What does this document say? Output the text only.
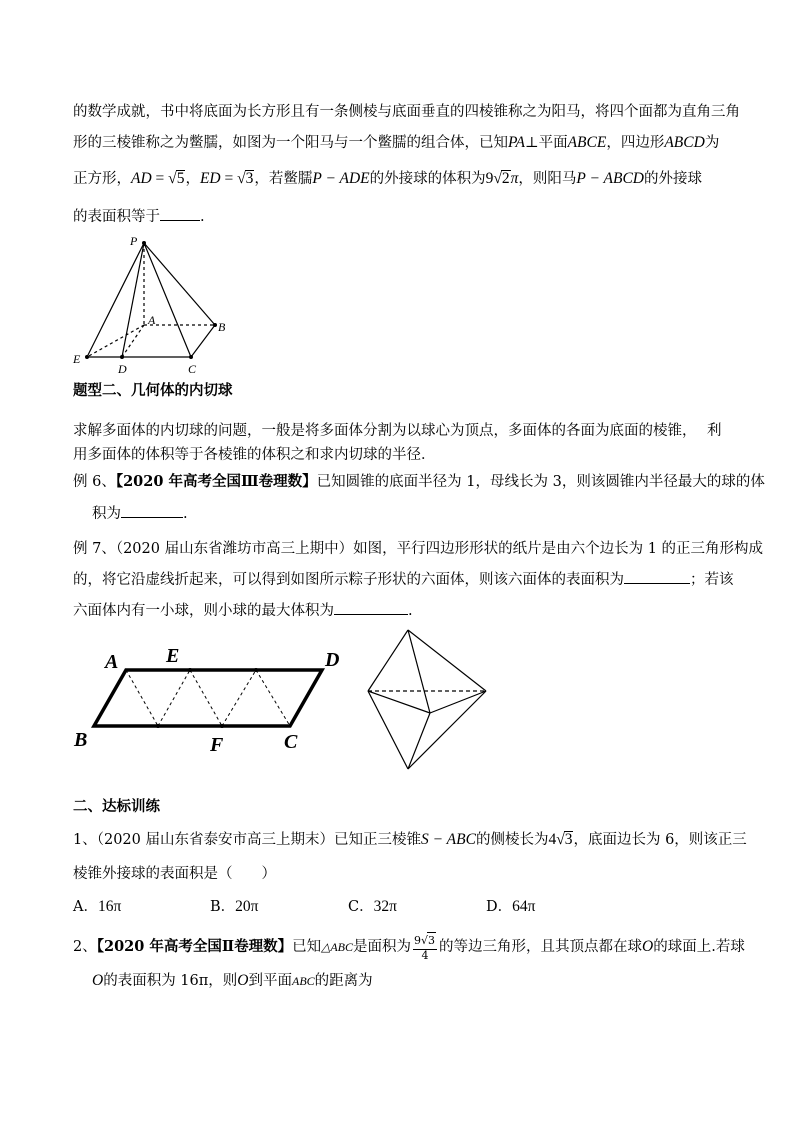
的数学成就，书中将底面为长方形且有一条侧棱与底面垂直的四棱锥称之为阳马，将四个面都为直角三角
形的三棱锥称之为鳖臑，如图为一个阳马与一个鳖臑的组合体，已知PA⊥平面ABCE，四边形ABCD为
正方形，AD = √5，ED = √3，若鳖臑P − ADE的外接球的体积为9√2π，则阳马P − ABCD的外接球
的表面积等于	.
P
A	B
C
D
E
题型二、几何体的内切球
求解多面体的内切球的问题，一般是将多面体分割为以球心为顶点，多面体的各面为底面的棱锥， 利
用多面体的体积等于各棱锥的体积之和求内切球的半径．
例 6、【2020 年高考全国Ⅲ卷理数】已知圆锥的底面半径为 1，母线长为 3，则该圆锥内半径最大的球的体
积为	.
例 7、（2020 届山东省潍坊市高三上期中）如图，平行四边形形状的纸片是由六个边长为 1 的正三角形构成
的，将它沿虚线折起来，可以得到如图所示粽子形状的六面体，则该六面体的表面积为	；若该
六面体内有一小球，则小球的最大体积为	.
A E	D
B	F	C
二、达标训练
1、（2020 届山东省泰安市高三上期末）已知正三棱锥S − ABC的侧棱长为4√3，底面边长为 6，则该正三
棱锥外接球的表面积是（　　）
A．16π	B．20π	C．32π	D．64π
2、【2020 年高考全国Ⅱ卷理数】已知△ABC是面积为 $\frac{9√3}{4}$ 的等边三角形，且其顶点都在球O的球面上.若球
O的表面积为 16π，则O到平面ABC的距离为
